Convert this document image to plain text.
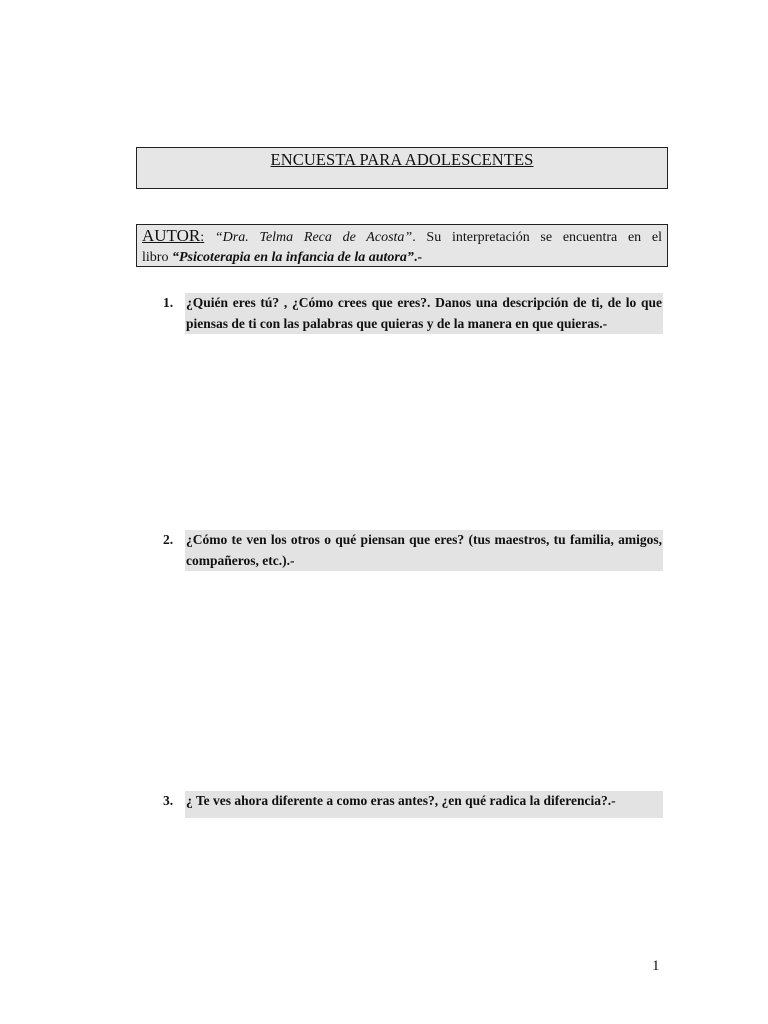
ENCUESTA PARA ADOLESCENTES
AUTOR: “Dra. Telma Reca de Acosta”. Su interpretación se encuentra en el
libro “Psicoterapia en la infancia de la autora”.-
1. ¿Quién eres tú? , ¿Cómo crees que eres?. Danos una descripción de ti, de lo que piensas de ti con las palabras que quieras y de la manera en que quieras.-
2. ¿Cómo te ven los otros o qué piensan que eres? (tus maestros, tu familia, amigos, compañeros, etc.).-
3. ¿ Te ves ahora diferente a como eras antes?, ¿en qué radica la diferencia?.-
1
